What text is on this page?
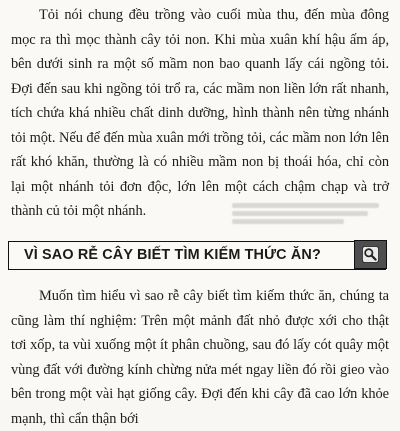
Tỏi nói chung đều trồng vào cuối mùa thu, đến mùa đông mọc ra thì mọc thành cây tỏi non. Khi mùa xuân khí hậu ấm áp, bên dưới sinh ra một số mầm non bao quanh lấy cái ngồng tỏi. Đợi đến sau khi ngồng tỏi trổ ra, các mầm non liền lớn rất nhanh, tích chứa khá nhiều chất dinh dưỡng, hình thành nên từng nhánh tỏi một. Nếu để đến mùa xuân mới trồng tỏi, các mầm non lớn lên rất khó khăn, thường là có nhiều mầm non bị thoái hóa, chỉ còn lại một nhánh tỏi đơn độc, lớn lên một cách chậm chạp và trở thành củ tỏi một nhánh.

VÌ SAO RỄ CÂY BIẾT TÌM KIẾM THỨC ĂN?

Muốn tìm hiểu vì sao rễ cây biết tìm kiếm thức ăn, chúng ta cũng làm thí nghiệm: Trên một mảnh đất nhỏ được xới cho thật tơi xốp, ta vùi xuống một ít phân chuồng, sau đó lấy cót quây một vùng đất với đường kính chừng nửa mét ngay liền đó rồi gieo vào bên trong một vài hạt giống cây. Đợi đến khi cây đã cao lớn khỏe mạnh, thì cẩn thận bới
